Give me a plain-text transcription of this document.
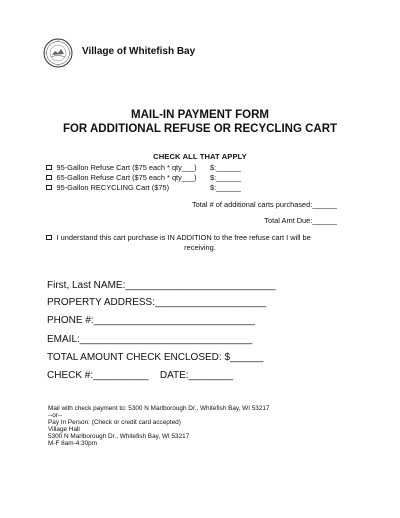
Village of Whitefish Bay
MAIL-IN PAYMENT FORM
FOR ADDITIONAL REFUSE OR RECYCLING CART
CHECK ALL THAT APPLY
95-Gallon Refuse Cart ($75 each * qty___) $:______
65-Gallon Refuse Cart ($75 each * qty___) $:______
95-Gallon RECYCLING Cart ($75)	$:______
Total # of additional carts purchased:______
Total Amt Due:______
I understand this cart purchase is IN ADDITION to the free refuse cart I will be
receiving.
First, Last NAME:___________________________
PROPERTY ADDRESS:____________________
PHONE #:_____________________________
EMAIL:_______________________________
TOTAL AMOUNT CHECK ENCLOSED: $______
CHECK #:__________    DATE:________
Mail with check payment to: 5300 N Marlborough Dr., Whitefish Bay, WI 53217
--or--
Pay In Person: (Check or credit card accepted)
Village Hall
5300 N Marlborough Dr., Whitefish Bay, WI 53217
M-F 8am-4:30pm
